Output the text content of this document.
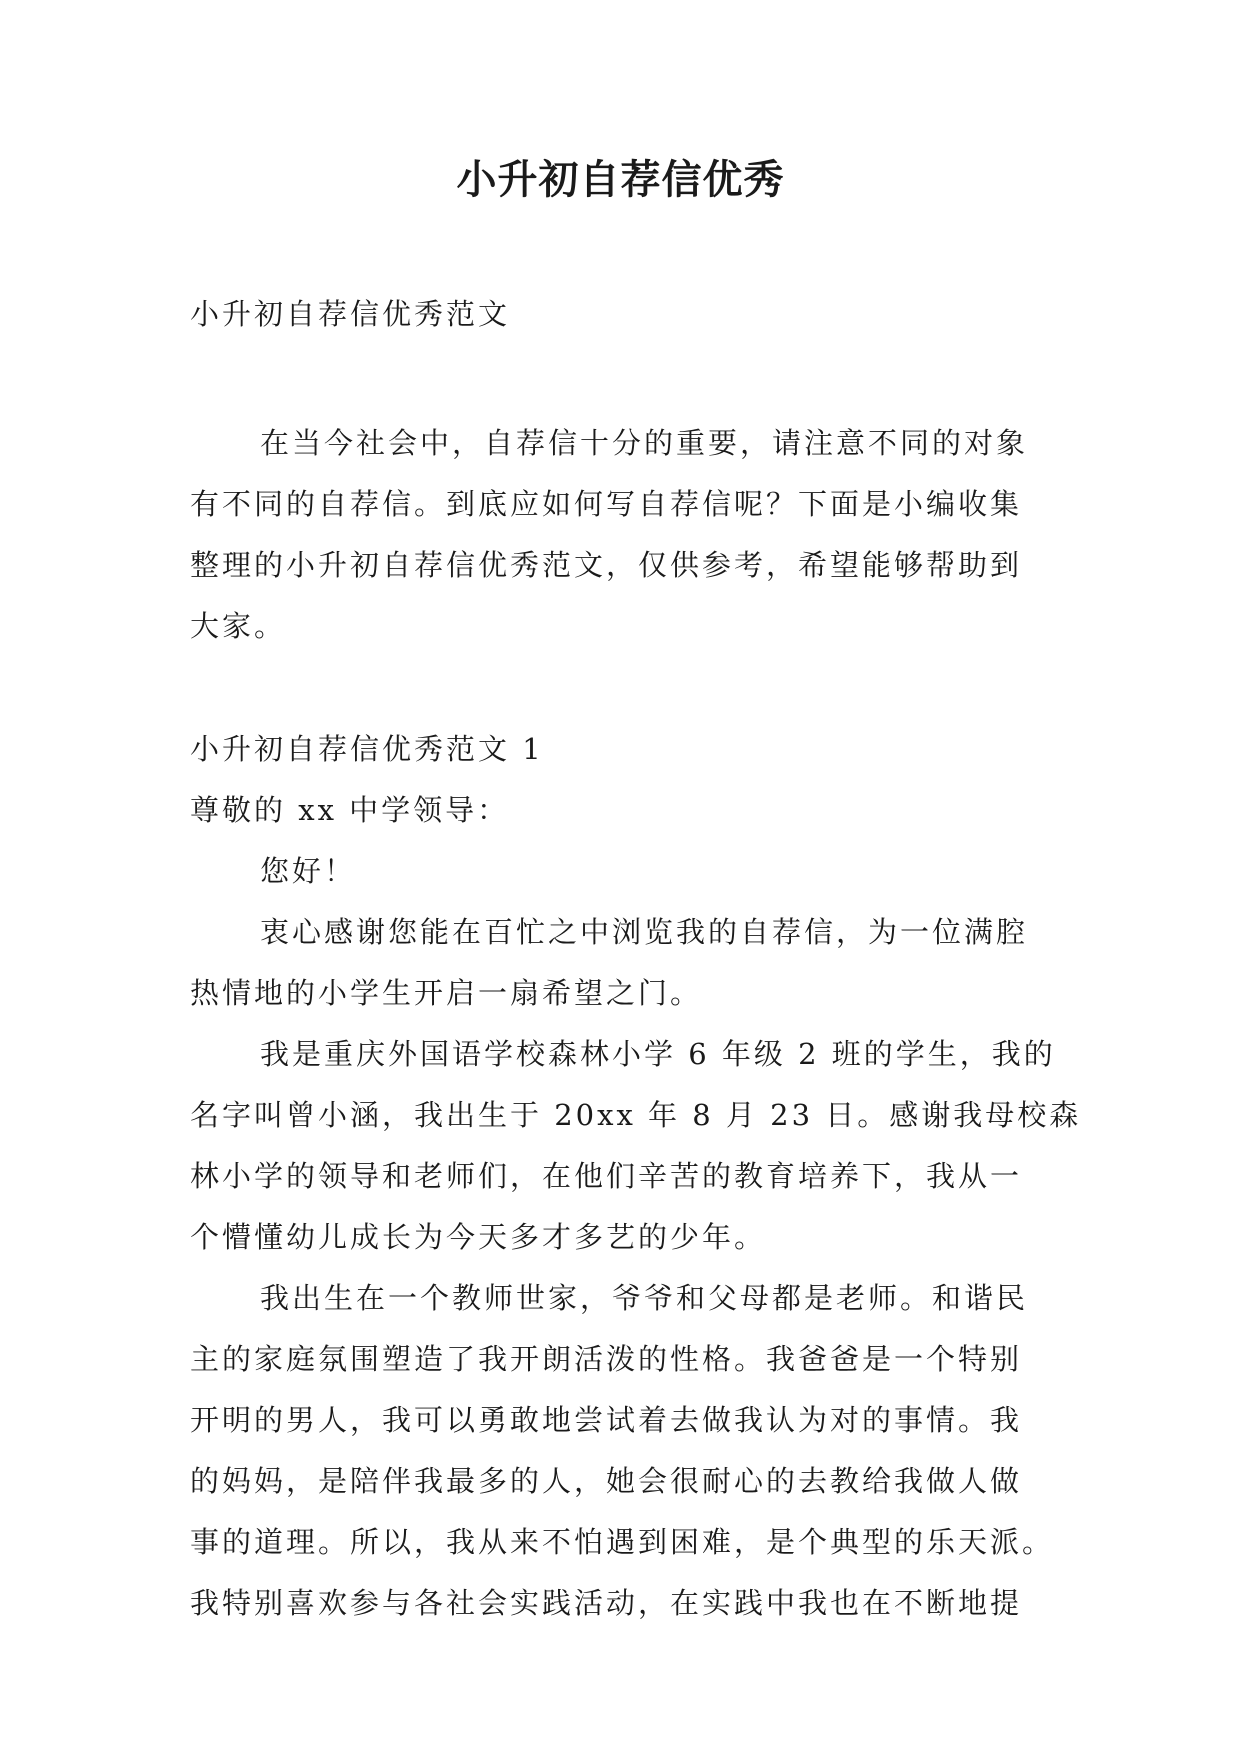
小升初自荐信优秀
小升初自荐信优秀范文
在当今社会中，自荐信十分的重要，请注意不同的对象
有不同的自荐信。到底应如何写自荐信呢？下面是小编收集
整理的小升初自荐信优秀范文，仅供参考，希望能够帮助到
大家。
小升初自荐信优秀范文 1
尊敬的 xx 中学领导：
您好！
衷心感谢您能在百忙之中浏览我的自荐信，为一位满腔
热情地的小学生开启一扇希望之门。
我是重庆外国语学校森林小学 6 年级 2 班的学生，我的
名字叫曾小涵，我出生于 20xx 年 8 月 23 日。感谢我母校森
林小学的领导和老师们，在他们辛苦的教育培养下，我从一
个懵懂幼儿成长为今天多才多艺的少年。
我出生在一个教师世家，爷爷和父母都是老师。和谐民
主的家庭氛围塑造了我开朗活泼的性格。我爸爸是一个特别
开明的男人，我可以勇敢地尝试着去做我认为对的事情。我
的妈妈，是陪伴我最多的人，她会很耐心的去教给我做人做
事的道理。所以，我从来不怕遇到困难，是个典型的乐天派。
我特别喜欢参与各社会实践活动，在实践中我也在不断地提
